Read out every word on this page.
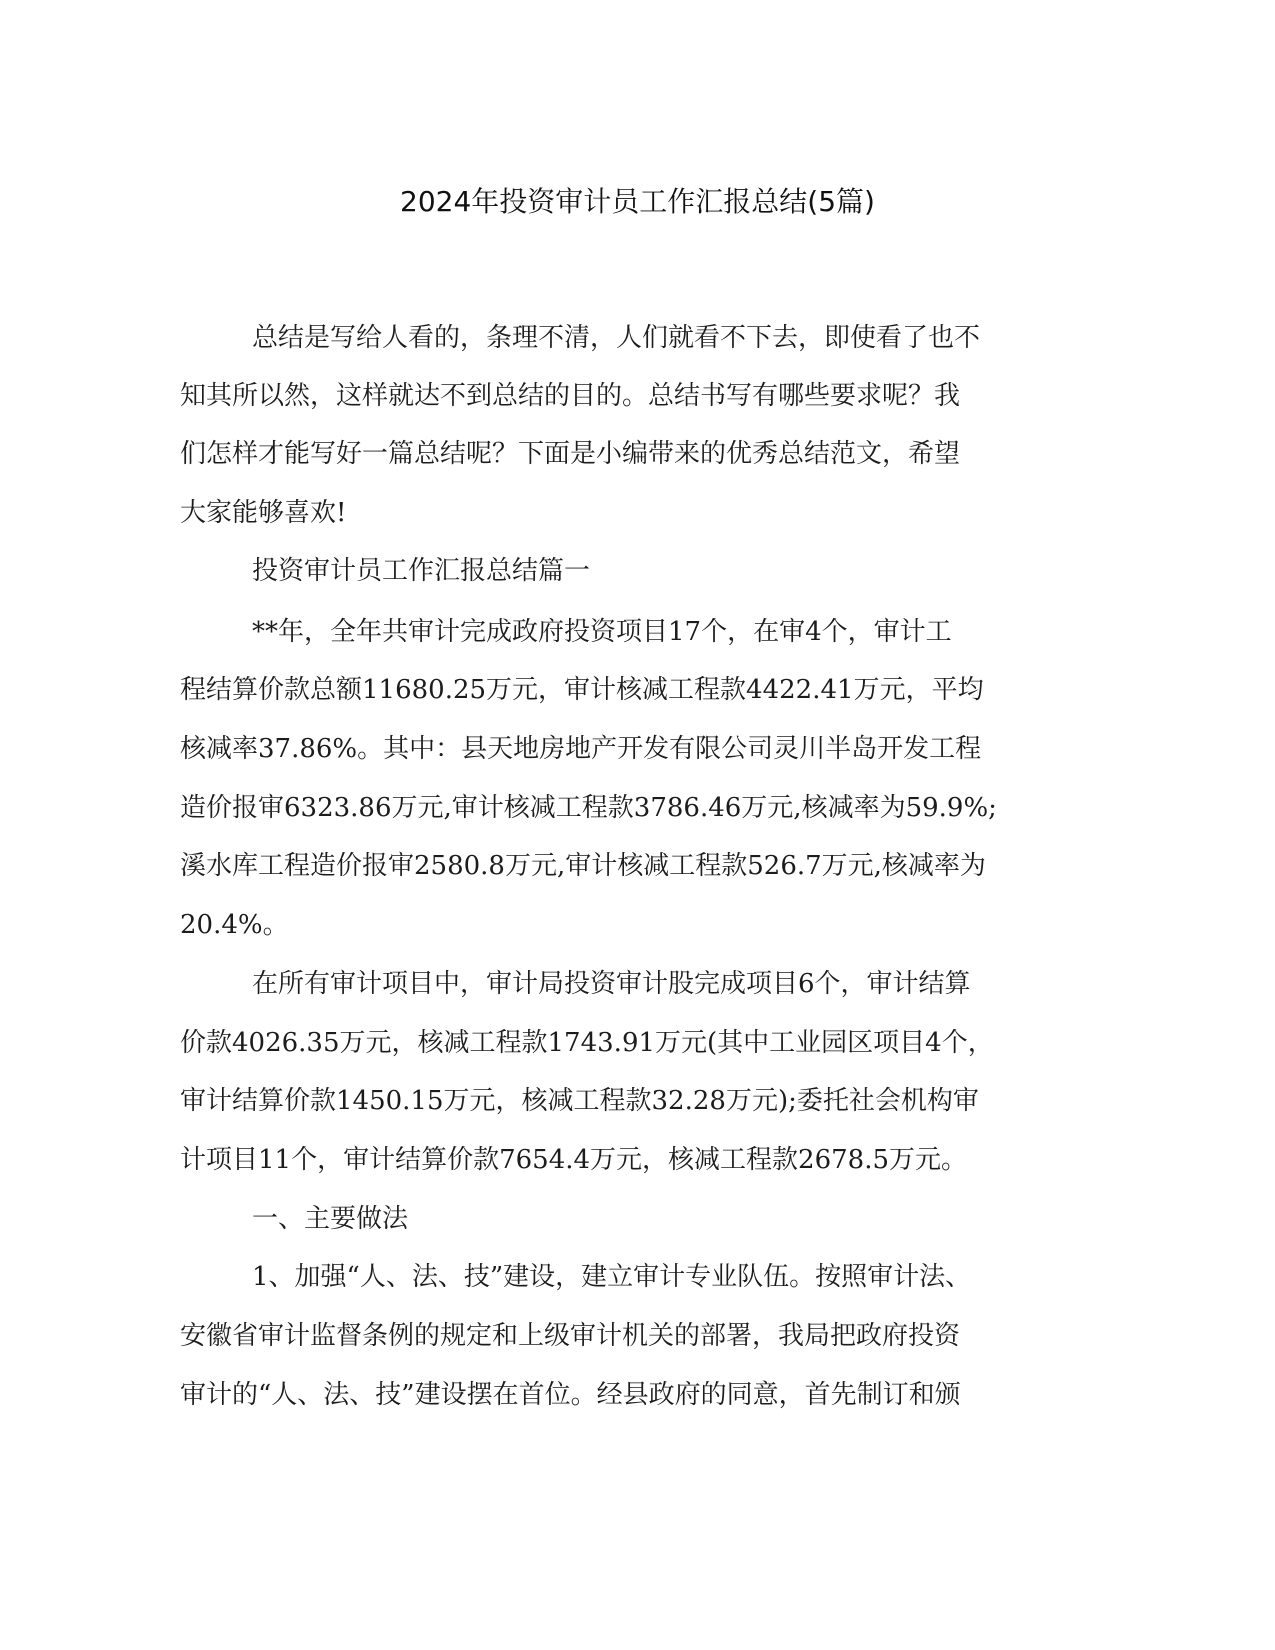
2024年投资审计员工作汇报总结(5篇)
总结是写给人看的，条理不清，人们就看不下去，即使看了也不
知其所以然，这样就达不到总结的目的。总结书写有哪些要求呢？我
们怎样才能写好一篇总结呢？下面是小编带来的优秀总结范文，希望
大家能够喜欢!
投资审计员工作汇报总结篇一
**年，全年共审计完成政府投资项目17个，在审4个，审计工
程结算价款总额11680.25万元，审计核减工程款4422.41万元，平均
核减率37.86%。其中：县天地房地产开发有限公司灵川半岛开发工程
造价报审6323.86万元,审计核减工程款3786.46万元,核减率为59.9%;
溪水库工程造价报审2580.8万元,审计核减工程款526.7万元,核减率为
20.4%。
在所有审计项目中，审计局投资审计股完成项目6个，审计结算
价款4026.35万元，核减工程款1743.91万元(其中工业园区项目4个，
审计结算价款1450.15万元，核减工程款32.28万元);委托社会机构审
计项目11个，审计结算价款7654.4万元，核减工程款2678.5万元。
一、主要做法
1、加强“人、法、技”建设，建立审计专业队伍。按照审计法、
安徽省审计监督条例的规定和上级审计机关的部署，我局把政府投资
审计的“人、法、技”建设摆在首位。经县政府的同意，首先制订和颁
